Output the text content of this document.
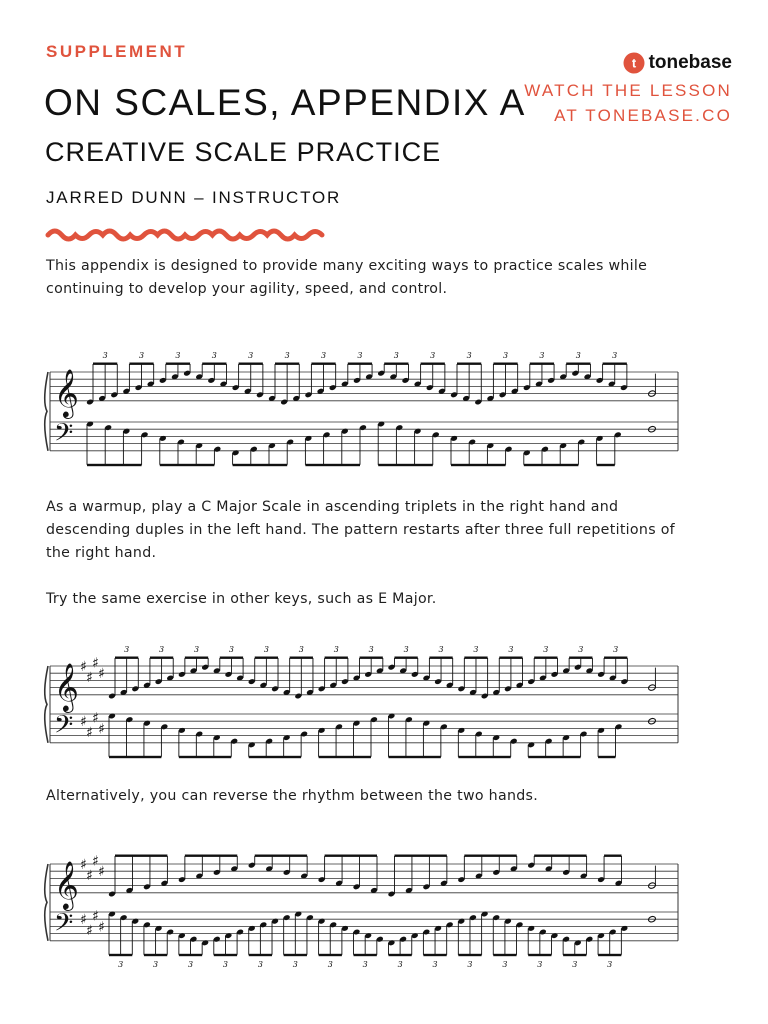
SUPPLEMENT
ON SCALES, APPENDIX A
CREATIVE SCALE PRACTICE
JARRED DUNN – INSTRUCTOR
t tonebase
WATCH THE LESSON
AT TONEBASE.CO

This appendix is designed to provide many exciting ways to practice scales while continuing to develop your agility, speed, and control.

𝄞
𝄢
3	3	3	3	3	3	3	3	3	3	3	3	3	3	3

As a warmup, play a C Major Scale in ascending triplets in the right hand and descending duples in the left hand. The pattern restarts after three full repetitions of the right hand.

Try the same exercise in other keys, such as E Major.

𝄞
𝄢
♯
♯
♯
♯
♯
♯
♯
♯
3	3	3	3	3	3	3	3	3	3	3	3	3	3	3

Alternatively, you can reverse the rhythm between the two hands.

𝄞
𝄢
♯
♯
♯
♯
♯
♯
♯
♯
3	3	3	3	3	3	3	3	3	3	3	3	3	3	3
